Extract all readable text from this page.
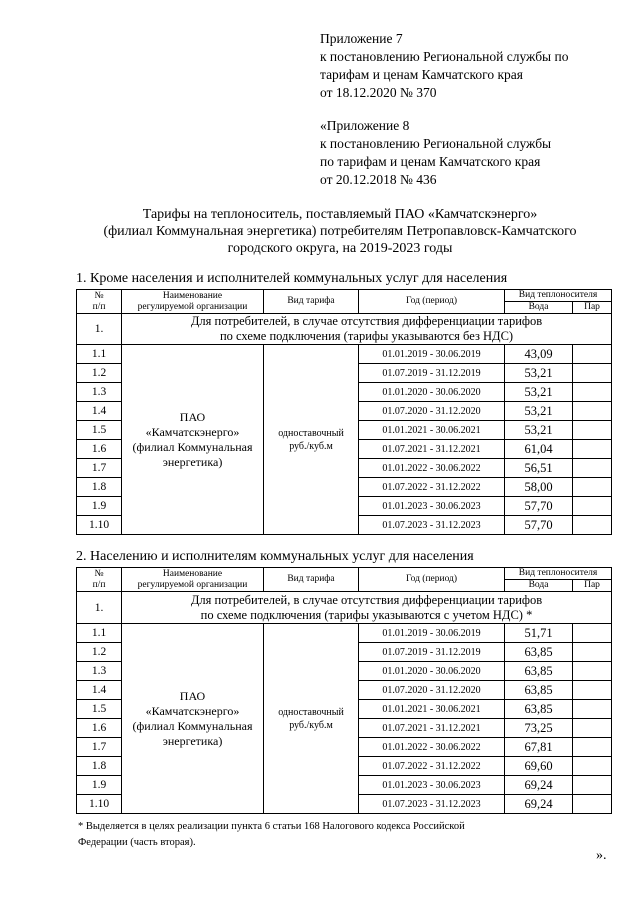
Приложение 7
к постановлению Региональной службы по
тарифам и ценам Камчатского края
от 18.12.2020 № 370
«Приложение 8
к постановлению Региональной службы
по тарифам и ценам Камчатского края
от 20.12.2018 № 436
Тарифы на теплоноситель, поставляемый ПАО «Камчатскэнерго»
(филиал Коммунальная энергетика) потребителям Петропавловск-Камчатского
городского округа, на 2019-2023 годы
1. Кроме населения и исполнителей коммунальных услуг для населения
№
п/п	Наименование
регулируемой организации	Вид тарифа	Год (период)	Вид теплоносителя	
				Вода	Пар
1.	Для потребителей, в случае отсутствия дифференциации тарифов
по схеме подключения (тарифы указываются без НДС)				
1.1	ПАО
«Камчатскэнерго»
(филиал Коммунальная
энергетика)	одноставочный
руб./куб.м	01.01.2019 - 30.06.2019	43,09	
1.2			01.07.2019 - 31.12.2019	53,21	
1.3			01.01.2020 - 30.06.2020	53,21	
1.4			01.07.2020 - 31.12.2020	53,21	
1.5			01.01.2021 - 30.06.2021	53,21	
1.6			01.07.2021 - 31.12.2021	61,04	
1.7			01.01.2022 - 30.06.2022	56,51	
1.8			01.07.2022 - 31.12.2022	58,00	
1.9			01.01.2023 - 30.06.2023	57,70	
1.10			01.07.2023 - 31.12.2023	57,70	
2. Населению и исполнителям коммунальных услуг для населения
№
п/п	Наименование
регулируемой организации	Вид тарифа	Год (период)	Вид теплоносителя	
				Вода	Пар
1.	Для потребителей, в случае отсутствия дифференциации тарифов
по схеме подключения (тарифы указываются с учетом НДС) *				
1.1	ПАО
«Камчатскэнерго»
(филиал Коммунальная
энергетика)	одноставочный
руб./куб.м	01.01.2019 - 30.06.2019	51,71	
1.2			01.07.2019 - 31.12.2019	63,85	
1.3			01.01.2020 - 30.06.2020	63,85	
1.4			01.07.2020 - 31.12.2020	63,85	
1.5			01.01.2021 - 30.06.2021	63,85	
1.6			01.07.2021 - 31.12.2021	73,25	
1.7			01.01.2022 - 30.06.2022	67,81	
1.8			01.07.2022 - 31.12.2022	69,60	
1.9			01.01.2023 - 30.06.2023	69,24	
1.10			01.07.2023 - 31.12.2023	69,24	
* Выделяется в целях реализации пункта 6 статьи 168 Налогового кодекса Российской
Федерации (часть вторая).
».
